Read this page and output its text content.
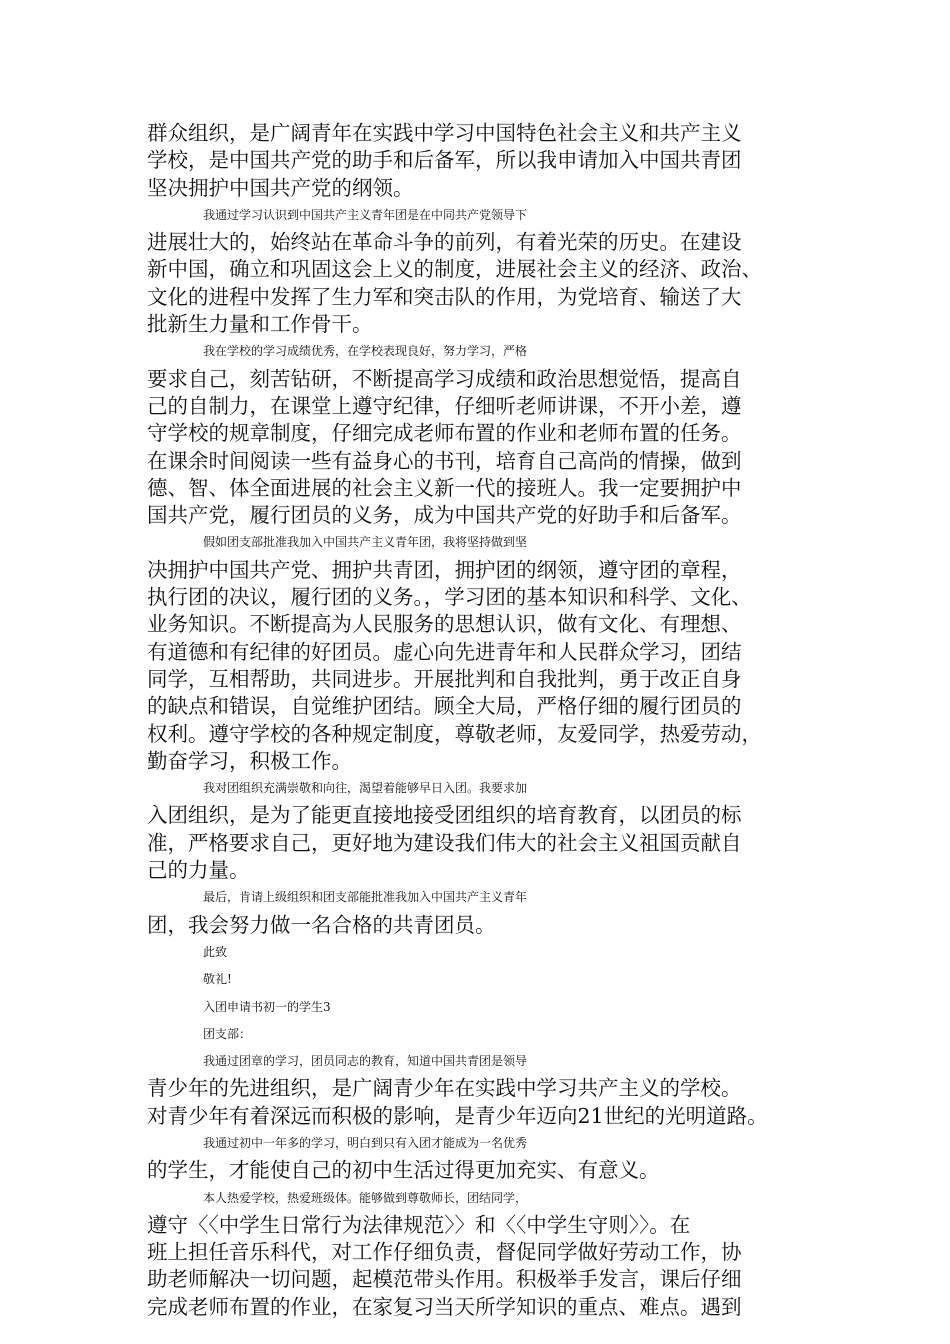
群众组织，是广阔青年在实践中学习中国特色社会主义和共产主义
学校，是中国共产党的助手和后备军，所以我申请加入中国共青团
坚决拥护中国共产党的纲领。
我通过学习认识到中国共产主义青年团是在中同共产党领导下
进展壮大的，始终站在革命斗争的前列，有着光荣的历史。在建设
新中国，确立和巩固这会上义的制度，进展社会主义的经济、政治、
文化的进程中发挥了生力军和突击队的作用，为党培育、输送了大
批新生力量和工作骨干。
我在学校的学习成绩优秀，在学校表现良好，努力学习，严格
要求自己，刻苦钻研，不断提高学习成绩和政治思想觉悟，提高自
己的自制力，在课堂上遵守纪律，仔细听老师讲课，不开小差，遵
守学校的规章制度，仔细完成老师布置的作业和老师布置的任务。
在课余时间阅读一些有益身心的书刊，培育自己高尚的情操，做到
德、智、体全面进展的社会主义新一代的接班人。我一定要拥护中
国共产党，履行团员的义务，成为中国共产党的好助手和后备军。
假如团支部批准我加入中国共产主义青年团，我将坚持做到坚
决拥护中国共产党、拥护共青团，拥护团的纲领，遵守团的章程，
执行团的决议，履行团的义务。，学习团的基本知识和科学、文化、
业务知识。不断提高为人民服务的思想认识，做有文化、有理想、
有道德和有纪律的好团员。虚心向先进青年和人民群众学习，团结
同学，互相帮助，共同进步。开展批判和自我批判，勇于改正自身
的缺点和错误，自觉维护团结。顾全大局，严格仔细的履行团员的
权利。遵守学校的各种规定制度，尊敬老师，友爱同学，热爱劳动，
勤奋学习，积极工作。
我对团组织充满崇敬和向往，渴望着能够早日入团。我要求加
入团组织，是为了能更直接地接受团组织的培育教育，以团员的标
准，严格要求自己，更好地为建设我们伟大的社会主义祖国贡献自
己的力量。
最后，肯请上级组织和团支部能批准我加入中国共产主义青年
团，我会努力做一名合格的共青团员。
此致
敬礼!
入团申请书初一的学生3
团支部：
我通过团章的学习，团员同志的教育，知道中国共青团是领导
青少年的先进组织，是广阔青少年在实践中学习共产主义的学校。
对青少年有着深远而积极的影响，是青少年迈向21世纪的光明道路。
我通过初中一年多的学习，明白到只有入团才能成为一名优秀
的学生，才能使自己的初中生活过得更加充实、有意义。
本人热爱学校，热爱班级体。能够做到尊敬师长，团结同学，
遵守〈〈中学生日常行为法律规范〉〉和〈〈中学生守则〉〉。在
班上担任音乐科代，对工作仔细负责，督促同学做好劳动工作，协
助老师解决一切问题，起模范带头作用。积极举手发言，课后仔细
完成老师布置的作业，在家复习当天所学知识的重点、难点。遇到
